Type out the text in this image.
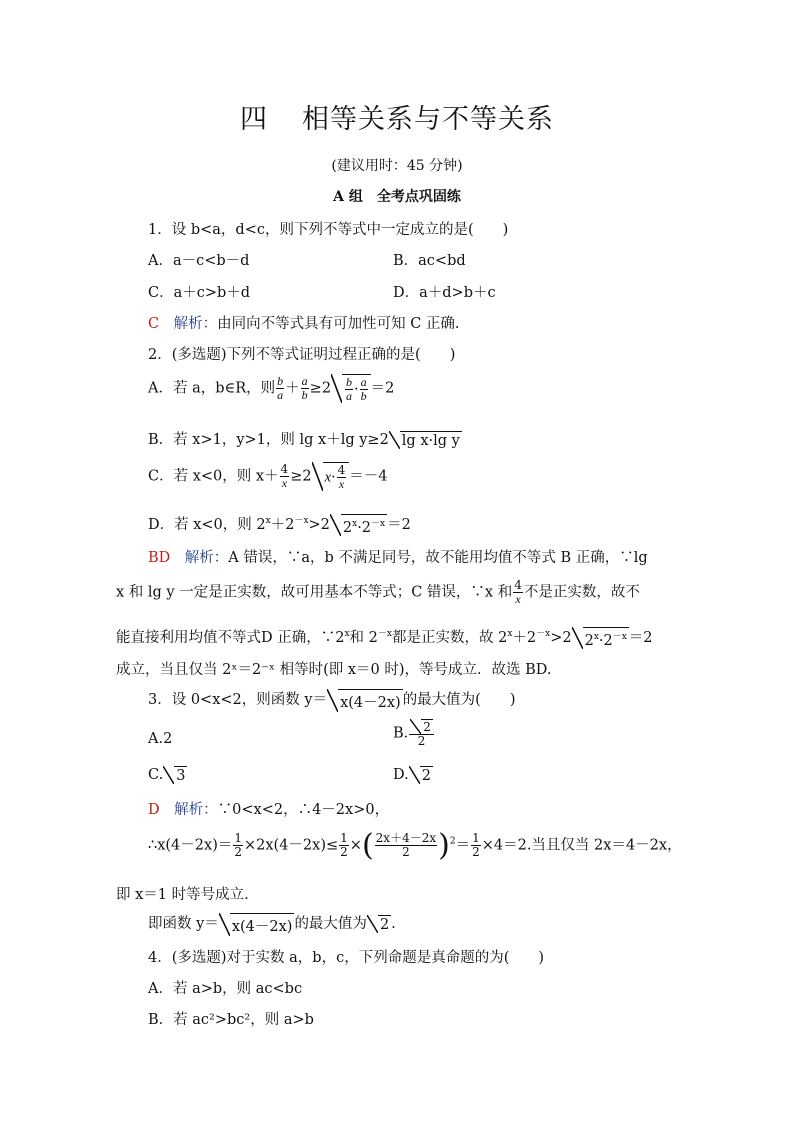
四 相等关系与不等关系
(建议用时：45 分钟)
A 组　全考点巩固练
1．设 b<a，d<c，则下列不等式中一定成立的是(　　)
A．a－c<b－d	B．ac<bd
C．a＋c>b＋d	D．a＋d>b＋c
C　 解析：由同向不等式具有可加性可知 C 正确.
2．(多选题)下列不等式证明过程正确的是(　　)
A．若 a，b∈R，则 $\frac{b}{a} + \frac{a}{b} \ge 2 \frac{b}{a} \cdot \frac{a}{b} =2$
B．若 x>1，y>1，则 lg x＋lg y≥2 lg x·lg y
C．若 x<0，则 $x+ \frac{4}{x} \ge 2$ $x\cdot \frac{4}{x} =-4$
D．若 x<0，则 $2^x+2^{-x}>2$ $2^x\cdot 2^{-x} =2$
BD　 解析：A 错误，∵a，b 不满足同号，故不能用均值不等式 B 正确，∵lg
x 和 lg y 一定是正实数，故可用基本不等式；C 错误，∵x 和 $\frac{4}{x}$ 不是正实数，故不
能直接利用均值不等式D 正确，∵2$^x$和 $2^{-x}$都是正实数，故 $2^x+2^{-x}>2$ $2^x\cdot 2^{-x} =2$
成立，当且仅当 2ˣ＝2⁻ˣ 相等时(即 x＝0 时)，等号成立．故选 BD.
3．设 0<x<2，则函数 y＝ x(4－2x) 的最大值为(　　)
A.2	B. $\frac{2}{2}$
C. 3	D. 2
D　 解析：∵0<x<2，∴4－2x>0，
∴x(4－2x)＝ $\frac{1}{2} \times 2x(4-2x)\le \frac{1}{2}$ ×( $\frac{2x+4-2x}{2} )^2= \frac{1}{2} \times 4=2$.当且仅当 2x＝4－2x，
即 x＝1 时等号成立.
即函数 y＝ x(4－2x) 的最大值为 2 .
4．(多选题)对于实数 a，b，c，下列命题是真命题的为(　　)
A．若 a>b，则 ac<bc
B．若 ac²>bc²，则 a>b
